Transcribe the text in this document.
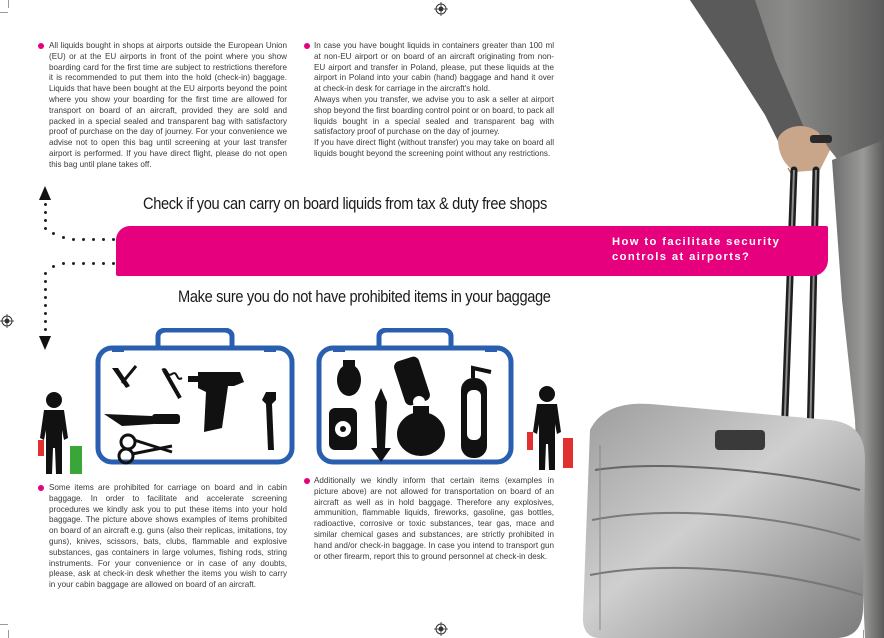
All liquids bought in shops at airports outside the European Union (EU) or at the EU airports in front of the point where you show boarding card for the first time are subject to restrictions therefore it is recommended to put them into the hold (check-in) baggage. Liquids that have been bought at the EU airports beyond the point where you show your boarding for the first time are allowed for transport on board of an aircraft, provided they are sold and packed in a special sealed and transparent bag with satisfactory proof of purchase on the day of journey. For your convenience we advise not to open this bag until screening at your last transfer airport is performed. If you have direct flight, please do not open this bag until plane takes off.

In case you have bought liquids in containers greater than 100 ml at non-EU airport or on board of an aircraft originating from non-EU airport and transfer in Poland, please, put these liquids at the airport in Poland into your cabin (hand) baggage and hand it over at check-in desk for carriage in the aircraft's hold.

Always when you transfer, we advise you to ask a seller at airport shop beyond the first boarding control point or on board, to pack all liquids bought in a special sealed and transparent bag with satisfactory proof of purchase on the day of journey.

If you have direct flight (without transfer) you may take on board all liquids bought beyond the screening point without any restrictions.

Check if you can carry on board liquids from tax & duty free shops
How to facilitate security
controls at airports?
Make sure you do not have prohibited items in your baggage

Some items are prohibited for carriage on board and in cabin baggage. In order to facilitate and accelerate screening procedures we kindly ask you to put these items into your hold baggage. The picture above shows examples of items prohibited on board of an aircraft e.g. guns (also their replicas, imitations, toy guns), knives, scissors, bats, clubs, flammable and explosive substances, gas containers in large volumes, fishing rods, string instruments. For your convenience or in case of any doubts, please, ask at check-in desk whether the items you wish to carry in your cabin baggage are allowed on board of an aircraft.

Additionally we kindly inform that certain items (examples in picture above) are not allowed for transportation on board of an aircraft as well as in hold baggage. Therefore any explosives, ammunition, flammable liquids, fireworks, gasoline, gas bottles, radioactive, corrosive or toxic substances, tear gas, mace and similar chemical gases and substances, are strictly prohibited in hand and/or check-in baggage. In case you intend to transport gun or other firearm, report this to ground personnel at check-in desk.
